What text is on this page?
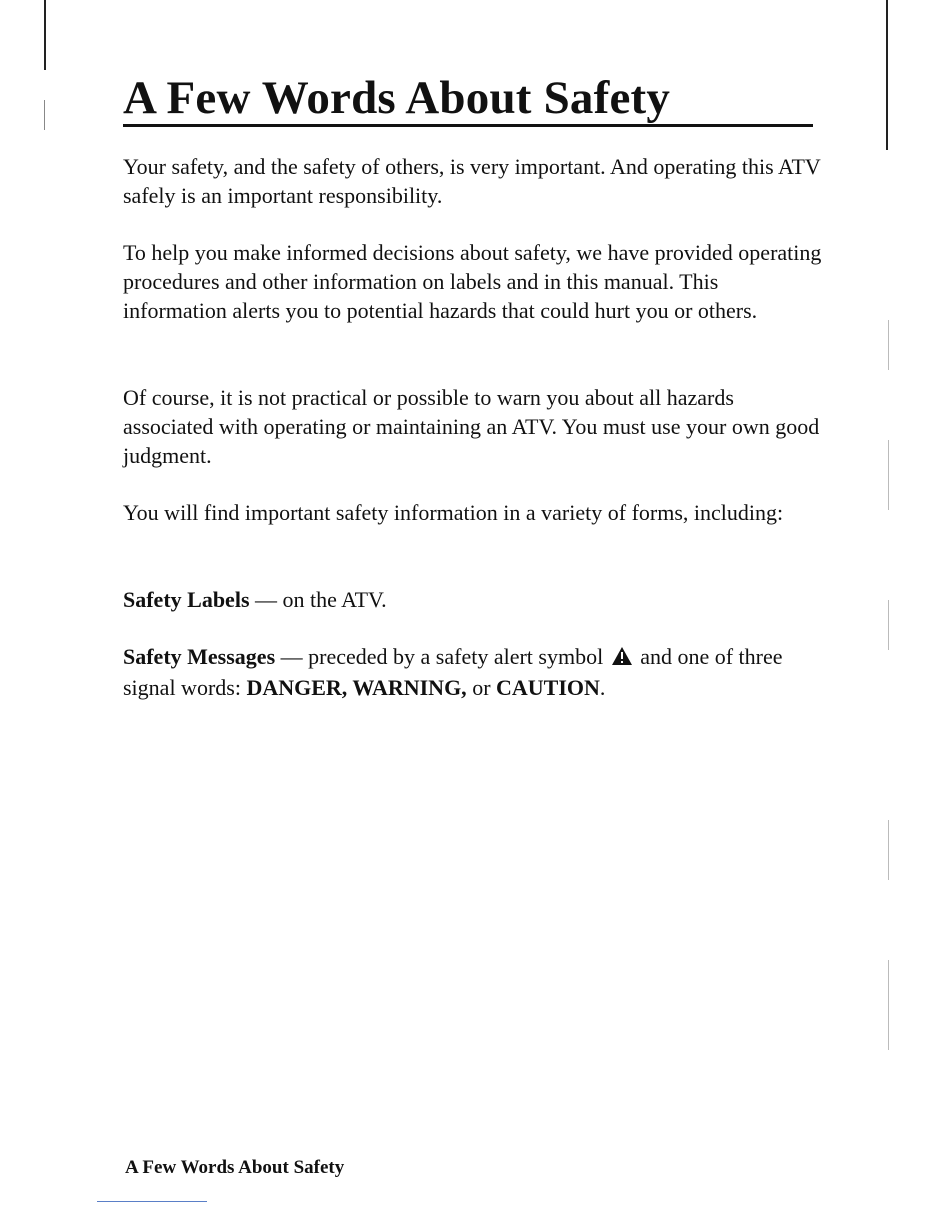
A Few Words About Safety

Your safety, and the safety of others, is very important. And operating this ATV safely is an important responsibility.

To help you make informed decisions about safety, we have provided operating procedures and other information on labels and in this manual. This information alerts you to potential hazards that could hurt you or others.

Of course, it is not practical or possible to warn you about all hazards associated with operating or maintaining an ATV. You must use your own good judgment.

You will find important safety information in a variety of forms, including:

Safety Labels — on the ATV.

Safety Messages — preceded by a safety alert symbol  and one of three signal words: DANGER, WARNING, or CAUTION.

A Few Words About Safety
